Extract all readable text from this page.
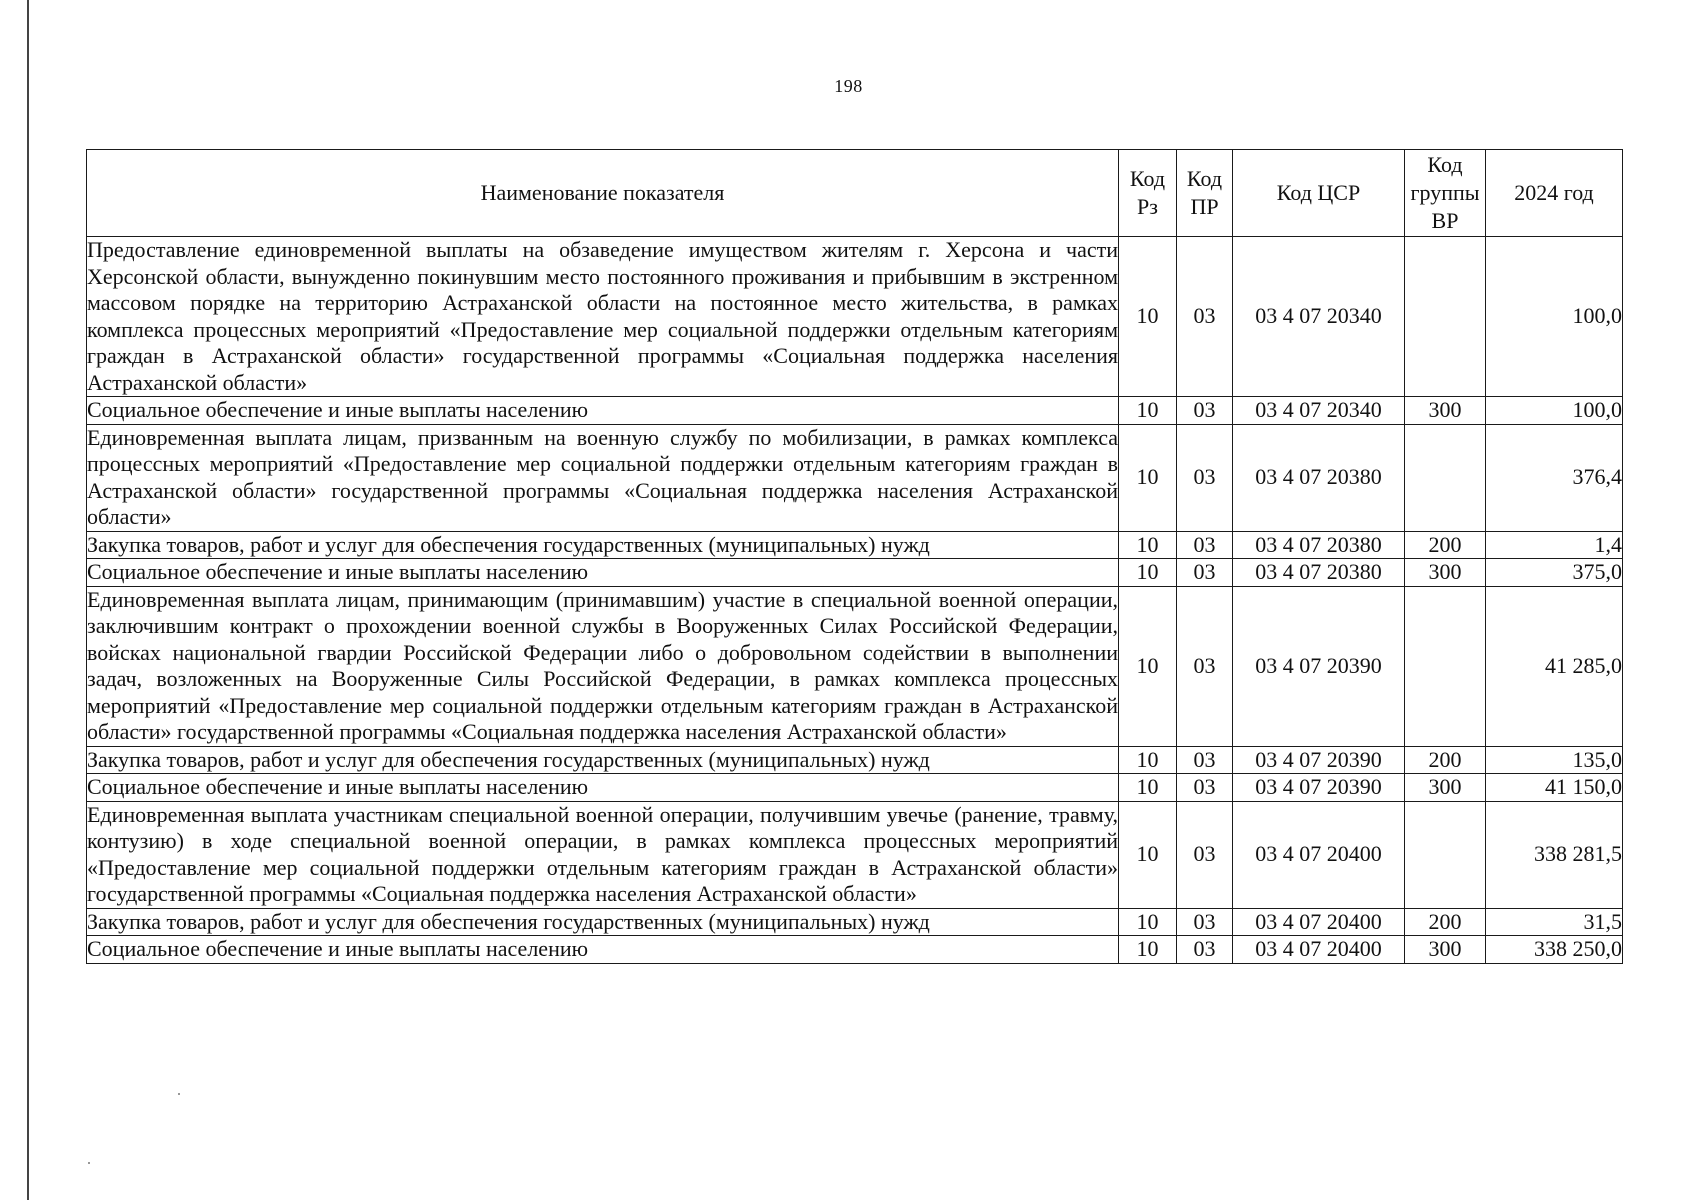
198
Наименование показателя	Код Рз	Код ПР	Код ЦСР	Код группы ВР	2024 год
Предоставление единовременной выплаты на обзаведение имуществом жителям г. Херсона и части Херсонской области, вынужденно покинувшим место постоянного проживания и прибывшим в экстренном массовом порядке на территорию Астраханской области на постоянное место жительства, в рамках комплекса процессных мероприятий «Предоставление мер социальной поддержки отдельным категориям граждан в Астраханской области» государственной программы «Социальная поддержка населения Астраханской области»	10	03	03 4 07 20340		100,0
Социальное обеспечение и иные выплаты населению	10	03	03 4 07 20340	300	100,0
Единовременная выплата лицам, призванным на военную службу по мобилизации, в рамках комплекса процессных мероприятий «Предоставление мер социальной поддержки отдельным категориям граждан в Астраханской области» государственной программы «Социальная поддержка населения Астраханской области»	10	03	03 4 07 20380		376,4
Закупка товаров, работ и услуг для обеспечения государственных (муниципальных) нужд	10	03	03 4 07 20380	200	1,4
Социальное обеспечение и иные выплаты населению	10	03	03 4 07 20380	300	375,0
Единовременная выплата лицам, принимающим (принимавшим) участие в специальной военной операции, заключившим контракт о прохождении военной службы в Вооруженных Силах Российской Федерации, войсках национальной гвардии Российской Федерации либо о добровольном содействии в выполнении задач, возложенных на Вооруженные Силы Российской Федерации, в рамках комплекса процессных мероприятий «Предоставление мер социальной поддержки отдельным категориям граждан в Астраханской области» государственной программы «Социальная поддержка населения Астраханской области»	10	03	03 4 07 20390		41 285,0
Закупка товаров, работ и услуг для обеспечения государственных (муниципальных) нужд	10	03	03 4 07 20390	200	135,0
Социальное обеспечение и иные выплаты населению	10	03	03 4 07 20390	300	41 150,0
Единовременная выплата участникам специальной военной операции, получившим увечье (ранение, травму, контузию) в ходе специальной военной операции, в рамках комплекса процессных мероприятий «Предоставление мер социальной поддержки отдельным категориям граждан в Астраханской области» государственной программы «Социальная поддержка населения Астраханской области»	10	03	03 4 07 20400		338 281,5
Закупка товаров, работ и услуг для обеспечения государственных (муниципальных) нужд	10	03	03 4 07 20400	200	31,5
Социальное обеспечение и иные выплаты населению	10	03	03 4 07 20400	300	338 250,0
